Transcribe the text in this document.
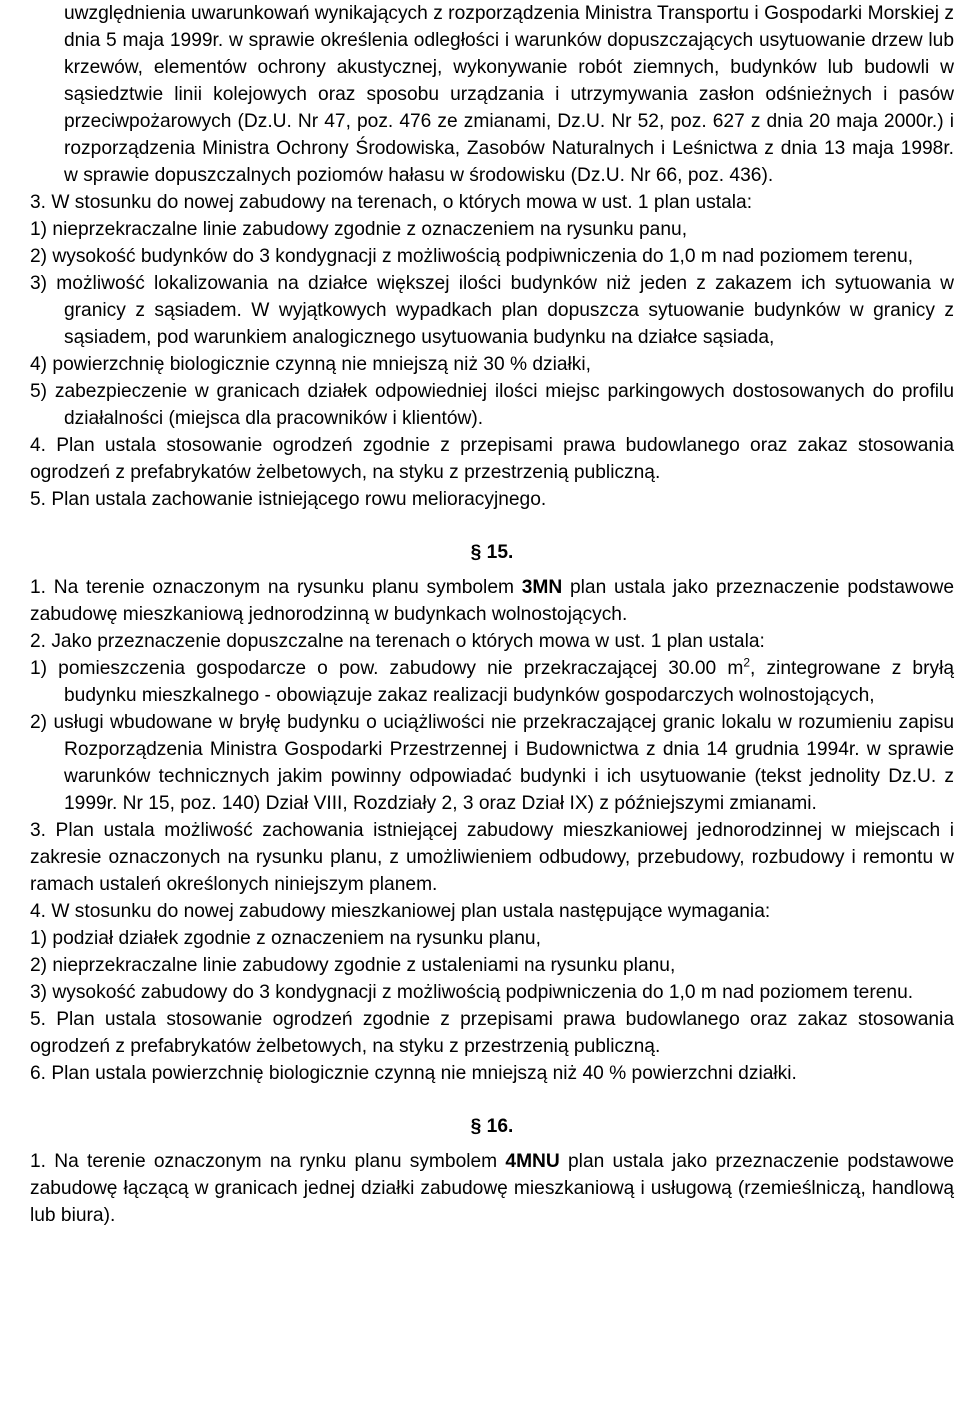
uwzględnienia uwarunkowań wynikających z rozporządzenia Ministra Transportu i Gospodarki Morskiej z dnia 5 maja 1999r. w sprawie określenia odległości i warunków dopuszczających usytuowanie drzew lub krzewów, elementów ochrony akustycznej, wykonywanie robót ziemnych, budynków lub budowli w sąsiedztwie linii kolejowych oraz sposobu urządzania i utrzymywania zasłon odśnieżnych i pasów przeciwpożarowych (Dz.U. Nr 47, poz. 476 ze zmianami, Dz.U. Nr 52, poz. 627 z dnia 20 maja 2000r.) i rozporządzenia Ministra Ochrony Środowiska, Zasobów Naturalnych i Leśnictwa z dnia 13 maja 1998r. w sprawie dopuszczalnych poziomów hałasu w środowisku (Dz.U. Nr 66, poz. 436).

3. W stosunku do nowej zabudowy na terenach, o których mowa w ust. 1 plan ustala:

1) nieprzekraczalne linie zabudowy zgodnie z oznaczeniem na rysunku panu,

2) wysokość budynków do 3 kondygnacji z możliwością podpiwniczenia do 1,0 m nad poziomem terenu,

3) możliwość lokalizowania na działce większej ilości budynków niż jeden z zakazem ich sytuowania w granicy z sąsiadem. W wyjątkowych wypadkach plan dopuszcza sytuowanie budynków w granicy z sąsiadem, pod warunkiem analogicznego usytuowania budynku na działce sąsiada,

4) powierzchnię biologicznie czynną nie mniejszą niż 30 % działki,

5) zabezpieczenie w granicach działek odpowiedniej ilości miejsc parkingowych dostosowanych do profilu działalności (miejsca dla pracowników i klientów).

4. Plan ustala stosowanie ogrodzeń zgodnie z przepisami prawa budowlanego oraz zakaz stosowania ogrodzeń z prefabrykatów żelbetowych, na styku z przestrzenią publiczną.

5. Plan ustala zachowanie istniejącego rowu melioracyjnego.

§ 15.

1. Na terenie oznaczonym na rysunku planu symbolem 3MN plan ustala jako przeznaczenie podstawowe zabudowę mieszkaniową jednorodzinną w budynkach wolnostojących.

2. Jako przeznaczenie dopuszczalne na terenach o których mowa w ust. 1 plan ustala:

1) pomieszczenia gospodarcze o pow. zabudowy nie przekraczającej 30.00 $m^2$, zintegrowane z bryłą budynku mieszkalnego - obowiązuje zakaz realizacji budynków gospodarczych wolnostojących,

2) usługi wbudowane w bryłę budynku o uciążliwości nie przekraczającej granic lokalu w rozumieniu zapisu Rozporządzenia Ministra Gospodarki Przestrzennej i Budownictwa z dnia 14 grudnia 1994r. w sprawie warunków technicznych jakim powinny odpowiadać budynki i ich usytuowanie (tekst jednolity Dz.U. z 1999r. Nr 15, poz. 140) Dział VIII, Rozdziały 2, 3 oraz Dział IX) z późniejszymi zmianami.

3. Plan ustala możliwość zachowania istniejącej zabudowy mieszkaniowej jednorodzinnej w miejscach i zakresie oznaczonych na rysunku planu, z umożliwieniem odbudowy, przebudowy, rozbudowy i remontu w ramach ustaleń określonych niniejszym planem.

4. W stosunku do nowej zabudowy mieszkaniowej plan ustala następujące wymagania:

1) podział działek zgodnie z oznaczeniem na rysunku planu,

2) nieprzekraczalne linie zabudowy zgodnie z ustaleniami na rysunku planu,

3) wysokość zabudowy do 3 kondygnacji z możliwością podpiwniczenia do 1,0 m nad poziomem terenu.

5. Plan ustala stosowanie ogrodzeń zgodnie z przepisami prawa budowlanego oraz zakaz stosowania ogrodzeń z prefabrykatów żelbetowych, na styku z przestrzenią publiczną.

6. Plan ustala powierzchnię biologicznie czynną nie mniejszą niż 40 % powierzchni działki.

§ 16.

1. Na terenie oznaczonym na rynku planu symbolem 4MNU plan ustala jako przeznaczenie podstawowe zabudowę łączącą w granicach jednej działki zabudowę mieszkaniową i usługową (rzemieślniczą, handlową lub biura).
